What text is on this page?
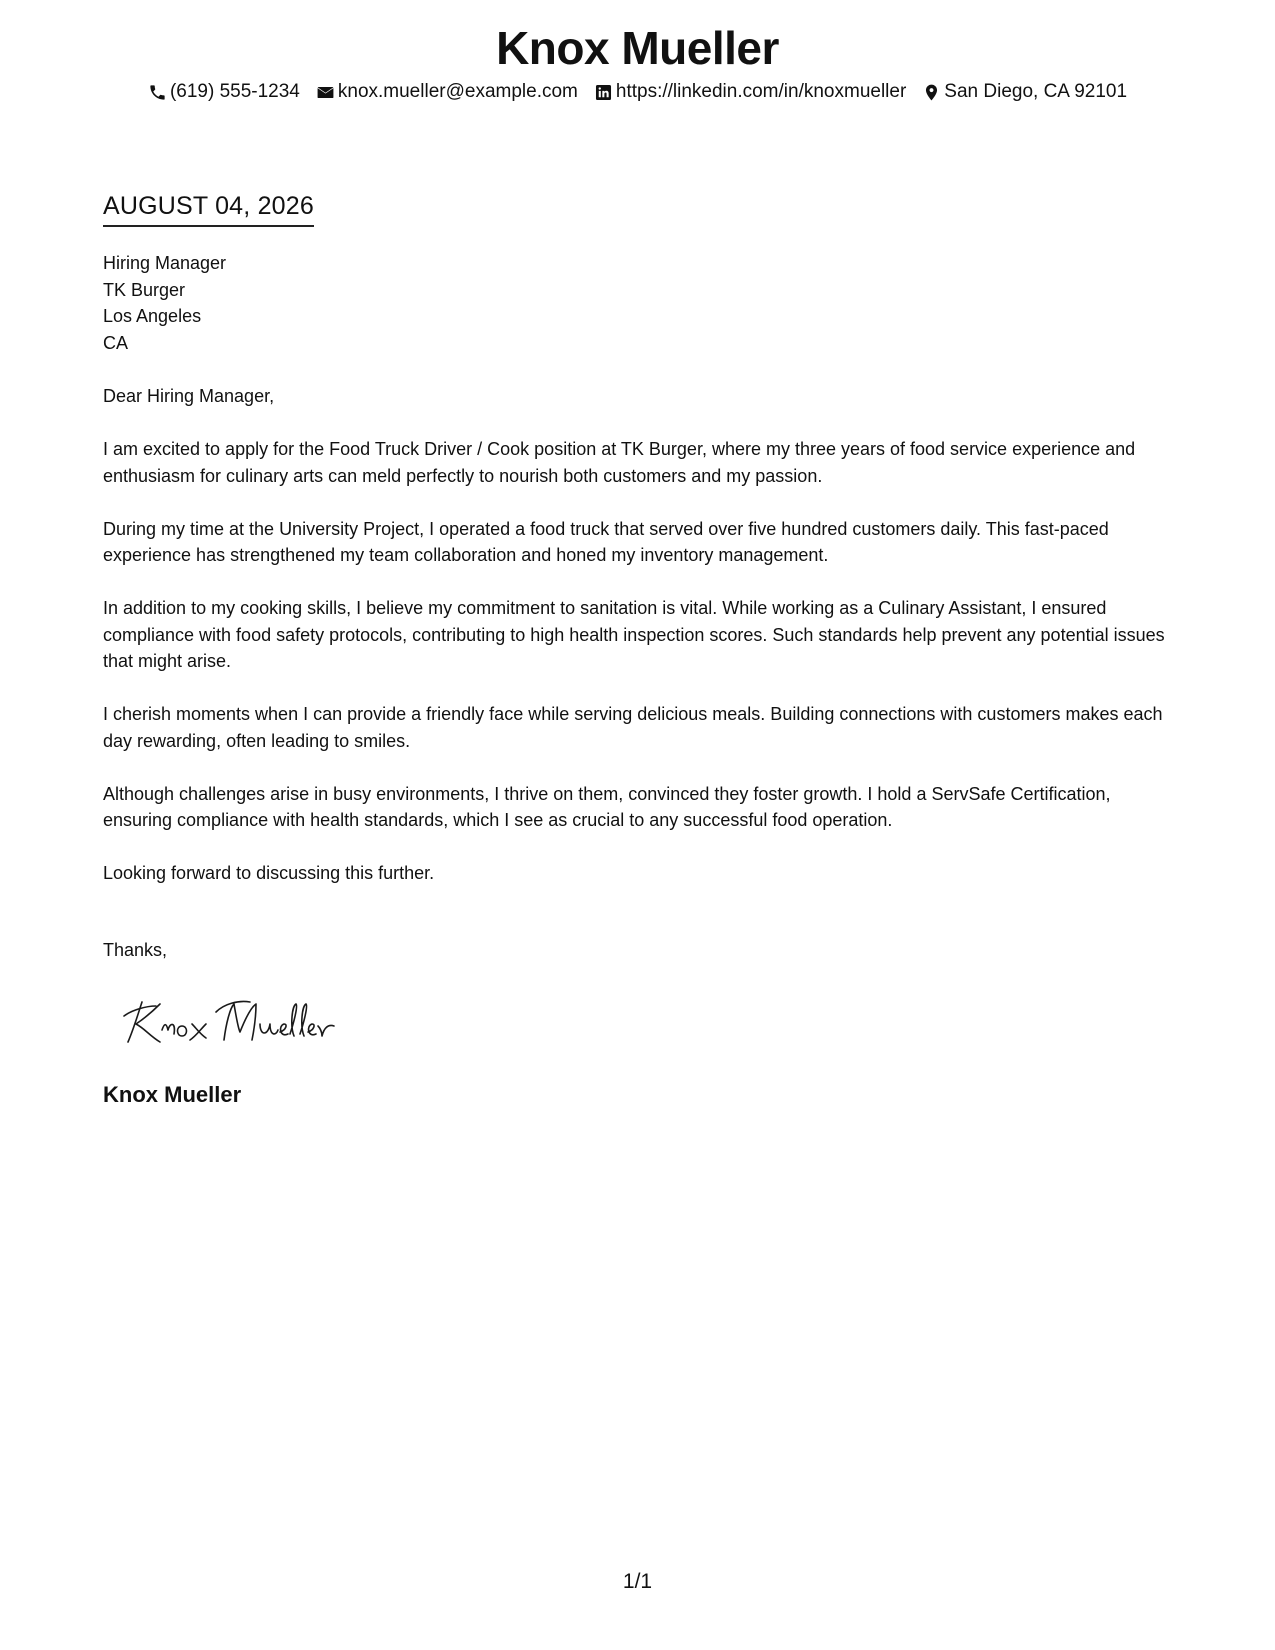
Knox Mueller
(619) 555-1234 knox.mueller@example.com https://linkedin.com/in/knoxmueller San Diego, CA 92101
AUGUST 04, 2026
Hiring Manager
TK Burger
Los Angeles
CA

Dear Hiring Manager,

I am excited to apply for the Food Truck Driver / Cook position at TK Burger, where my three years of food service experience and enthusiasm for culinary arts can meld perfectly to nourish both customers and my passion.

During my time at the University Project, I operated a food truck that served over five hundred customers daily. This fast-paced experience has strengthened my team collaboration and honed my inventory management.

In addition to my cooking skills, I believe my commitment to sanitation is vital. While working as a Culinary Assistant, I ensured compliance with food safety protocols, contributing to high health inspection scores. Such standards help prevent any potential issues that might arise.

I cherish moments when I can provide a friendly face while serving delicious meals. Building connections with customers makes each day rewarding, often leading to smiles.

Although challenges arise in busy environments, I thrive on them, convinced they foster growth. I hold a ServSafe Certification, ensuring compliance with health standards, which I see as crucial to any successful food operation.

Looking forward to discussing this further.

Thanks,
Knox Mueller
1/1
